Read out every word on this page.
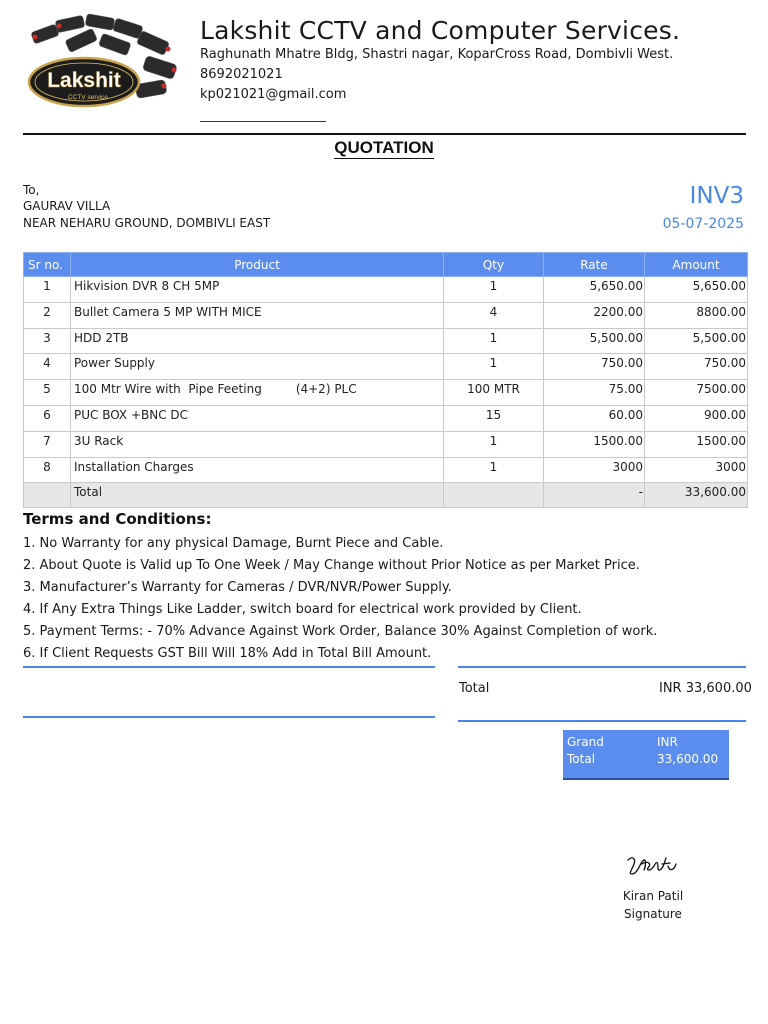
Lakshit
CCTV service
Lakshit CCTV and Computer Services.
Raghunath Mhatre Bldg, Shastri nagar, KoparCross Road, Dombivli West.
8692021021
kp021021@gmail.com
QUOTATION
To,
GAURAV VILLA
NEAR NEHARU GROUND, DOMBIVLI EAST
INV3
05-07-2025
Sr no.	Product	Qty	Rate	Amount
1	Hikvision DVR 8 CH 5MP	1	5,650.00	5,650.00
2	Bullet Camera 5 MP WITH MICE	4	2200.00	8800.00
3	HDD 2TB	1	5,500.00	5,500.00
4	Power Supply	1	750.00	750.00
5	100 Mtr Wire with  Pipe Feeting (4+2) PLC	100 MTR	75.00	7500.00
6	PUC BOX +BNC DC	15	60.00	900.00
7	3U Rack	1	1500.00	1500.00
8	Installation Charges	1	3000	3000
	Total		-	33,600.00
Terms and Conditions:
1. No Warranty for any physical Damage, Burnt Piece and Cable.
2. About Quote is Valid up To One Week / May Change without Prior Notice as per Market Price.
3. Manufacturer’s Warranty for Cameras / DVR/NVR/Power Supply.
4. If Any Extra Things Like Ladder, switch board for electrical work provided by Client.
5. Payment Terms: - 70% Advance Against Work Order, Balance 30% Against Completion of work.
6. If Client Requests GST Bill Will 18% Add in Total Bill Amount.
Total	INR 33,600.00
Grand
Total
INR
33,600.00
Kiran Patil
Signature
